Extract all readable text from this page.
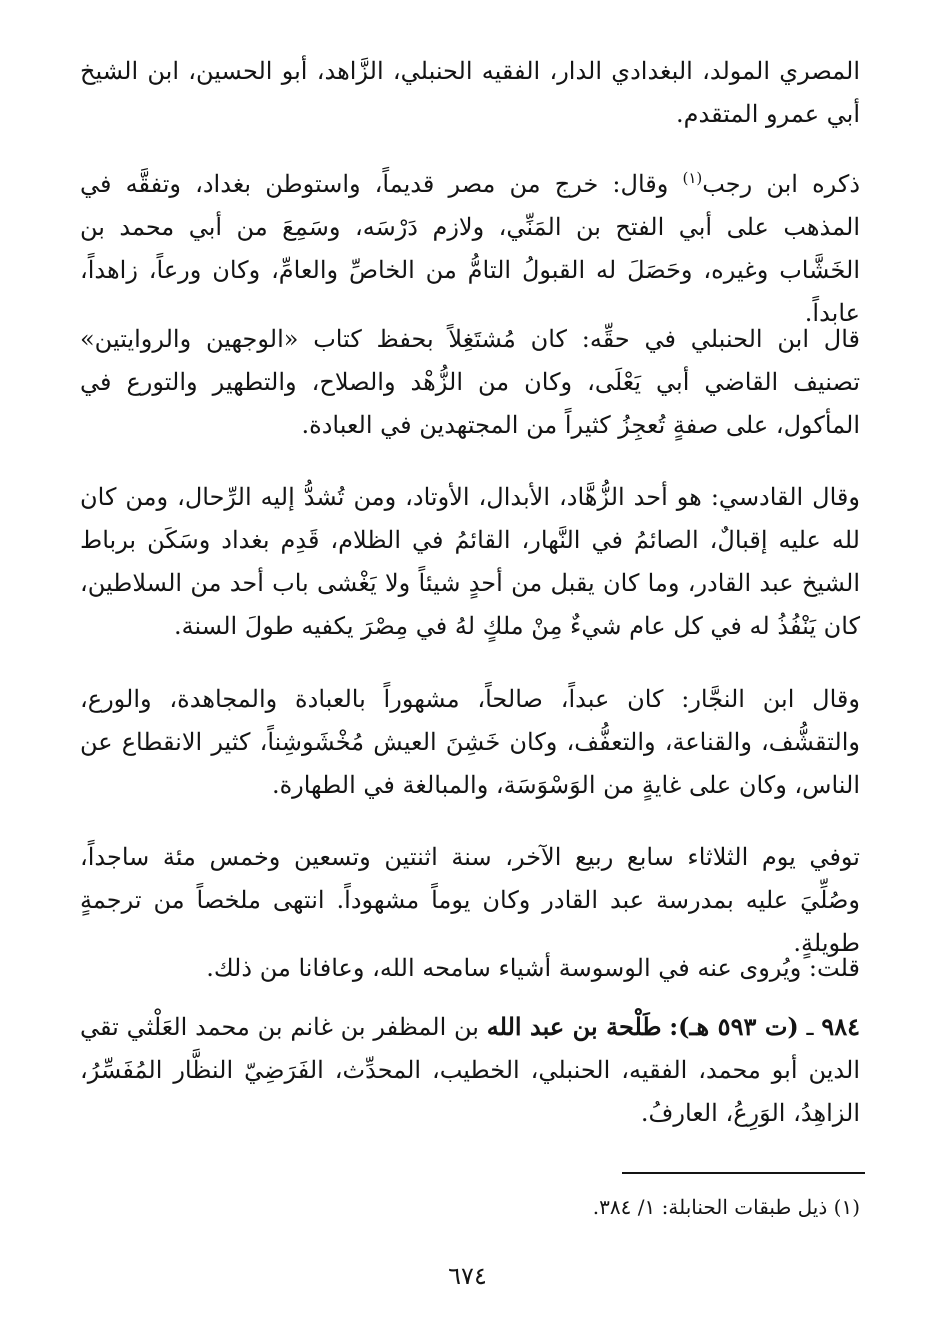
المصري المولد، البغدادي الدار، الفقيه الحنبلي، الزَّاهد، أبو الحسين، ابن الشيخ أبي عمرو المتقدم.
ذكره ابن رجب$^{(١)}$ وقال: خرج من مصر قديماً، واستوطن بغداد، وتفقَّه في المذهب على أبي الفتح بن المَنِّي، ولازم دَرْسَه، وسَمِعَ من أبي محمد بن الخَشَّاب وغيره، وحَصَلَ له القبولُ التامُّ من الخاصِّ والعامِّ، وكان ورعاً، زاهداً، عابداً.
قال ابن الحنبلي في حقِّه: كان مُشتَغِلاً بحفظ كتاب «الوجهين والروايتين» تصنيف القاضي أبي يَعْلَى، وكان من الزُّهْد والصلاح، والتطهير والتورع في المأكول، على صفةٍ تُعجِزُ كثيراً من المجتهدين في العبادة.
وقال القادسي: هو أحد الزُّهَّاد، الأبدال، الأوتاد، ومن تُشدُّ إليه الرِّحال، ومن كان لله عليه إقبالٌ، الصائمُ في النَّهار، القائمُ في الظلام، قَدِم بغداد وسَكَن برباط الشيخ عبد القادر، وما كان يقبل من أحدٍ شيئاً ولا يَغْشى باب أحد من السلاطين، كان يَنْفُذُ له في كل عام شيءٌ مِنْ ملكٍ لهُ في مِصْرَ يكفيه طولَ السنة.
وقال ابن النجَّار: كان عبداً، صالحاً، مشهوراً بالعبادة والمجاهدة، والورع، والتقشُّف، والقناعة، والتعفُّف، وكان خَشِنَ العيش مُخْشَوشِناً، كثير الانقطاع عن الناس، وكان على غايةٍ من الوَسْوَسَة، والمبالغة في الطهارة.
توفي يوم الثلاثاء سابع ربيع الآخر، سنة اثنتين وتسعين وخمس مئة ساجداً، وصُلِّيَ عليه بمدرسة عبد القادر وكان يوماً مشهوداً. انتهى ملخصاً من ترجمةٍ طويلةٍ.
قلت: ويُروى عنه في الوسوسة أشياء سامحه الله، وعافانا من ذلك.
٩٨٤ ـ (ت ٥٩٣ هـ): طَلْحة بن عبد الله بن المظفر بن غانم بن محمد العَلْثي تقي الدين أبو محمد، الفقيه، الحنبلي، الخطيب، المحدِّث، الفَرَضِيّ النظَّار المُفَسِّرُ، الزاهِدُ، الوَرِعُ، العارفُ.
(١) ذيل طبقات الحنابلة: ١/ ٣٨٤.
٦٧٤
